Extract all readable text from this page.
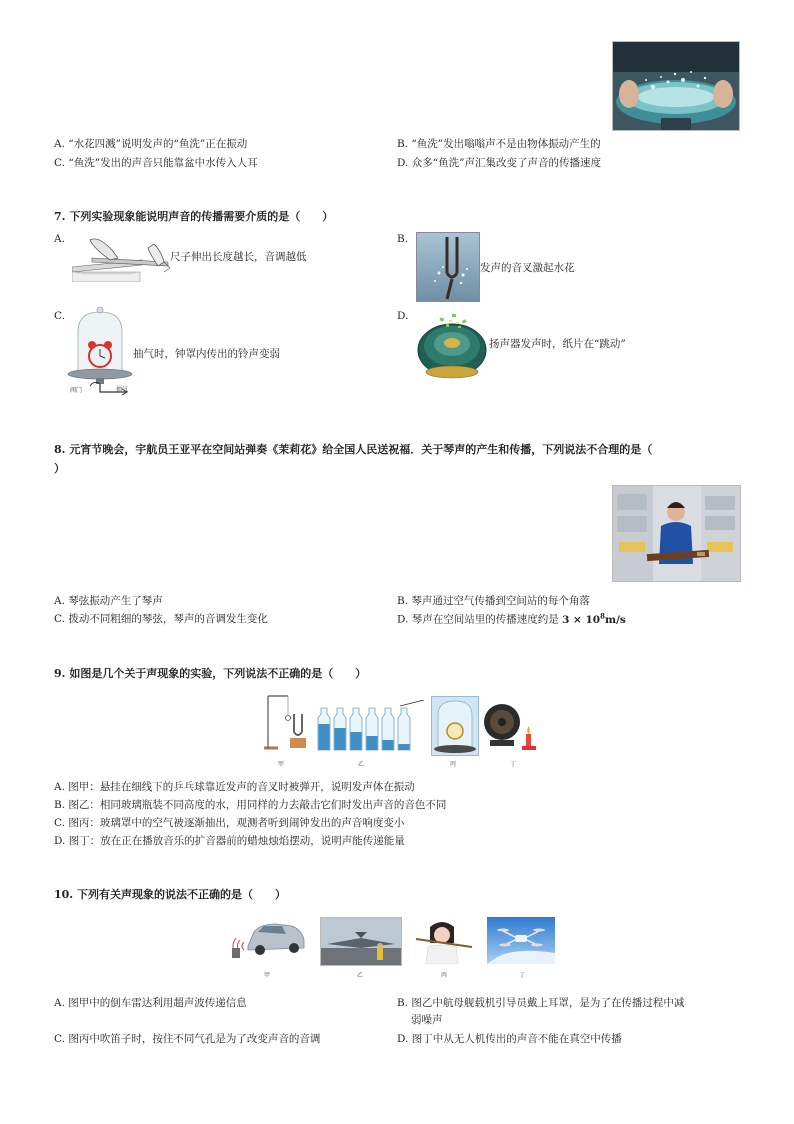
A. “水花四溅”说明发声的“鱼洗”正在振动	B. “鱼洗”发出嗡嗡声不是由物体振动产生的
C. “鱼洗”发出的声音只能靠盆中水传入人耳	D. 众多“鱼洗”声汇集改变了声音的传播速度
7. 下列实验现象能说明声音的传播需要介质的是（　　）
A.
尺子伸出长度越长，音调越低
B.
发声的音叉激起水花
C.
阀门	抽气
抽气时，钟罩内传出的铃声变弱
D.
扬声器发声时，纸片在“跳动”
8. 元宵节晚会，宇航员王亚平在空间站弹奏《茉莉花》给全国人民送祝福．关于琴声的产生和传播，下列说法不合理的是（
）
A. 琴弦振动产生了琴声	B. 琴声通过空气传播到空间站的每个角落
C. 拨动不同粗细的琴弦，琴声的音调发生变化	D. 琴声在空间站里的传播速度约是 $3 \times 10^8m/s$
9. 如图是几个关于声现象的实验，下列说法不正确的是（　　）
甲	乙	丙	丁
A. 图甲：悬挂在细线下的乒乓球靠近发声的音叉时被弹开，说明发声体在振动
B. 图乙：相同玻璃瓶装不同高度的水，用同样的力去敲击它们时发出声音的音色不同
C. 图丙：玻璃罩中的空气被逐渐抽出，观测者听到闹钟发出的声音响度变小
D. 图丁：放在正在播放音乐的扩音器前的蜡烛烛焰摆动，说明声能传递能量
10. 下列有关声现象的说法不正确的是（　　）
甲	乙	丙	丁
A. 图甲中的倒车雷达利用超声波传递信息	B. 图乙中航母舰载机引导员戴上耳罩，是为了在传播过程中减
弱噪声
C. 图丙中吹笛子时，按住不同气孔是为了改变声音的音调	D. 图丁中从无人机传出的声音不能在真空中传播
